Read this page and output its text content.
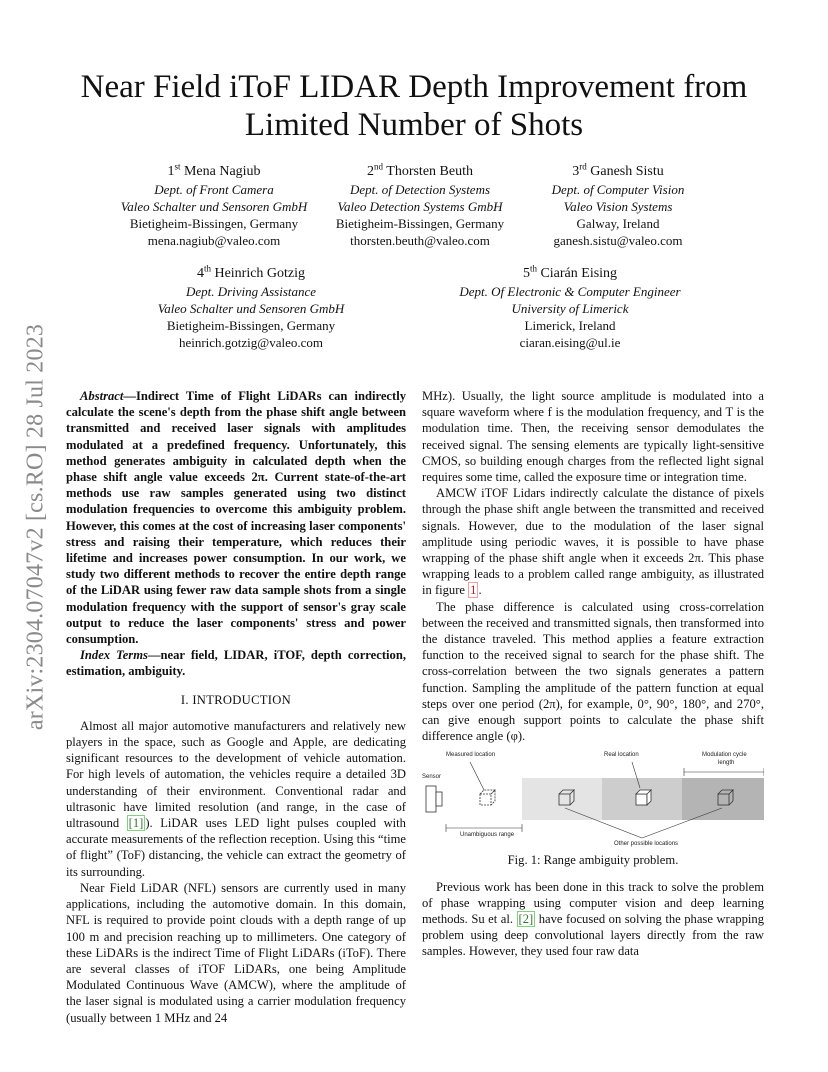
arXiv:2304.07047v2 [cs.RO] 28 Jul 2023
Near Field iToF LIDAR Depth Improvement from Limited Number of Shots
1st Mena Nagiub
Dept. of Front Camera
Valeo Schalter und Sensoren GmbH
Bietigheim-Bissingen, Germany
mena.nagiub@valeo.com
2nd Thorsten Beuth
Dept. of Detection Systems
Valeo Detection Systems GmbH
Bietigheim-Bissingen, Germany
thorsten.beuth@valeo.com
3rd Ganesh Sistu
Dept. of Computer Vision
Valeo Vision Systems
Galway, Ireland
ganesh.sistu@valeo.com
4th Heinrich Gotzig
Dept. Driving Assistance
Valeo Schalter und Sensoren GmbH
Bietigheim-Bissingen, Germany
heinrich.gotzig@valeo.com
5th Ciarán Eising
Dept. Of Electronic & Computer Engineer
University of Limerick
Limerick, Ireland
ciaran.eising@ul.ie

Abstract—Indirect Time of Flight LiDARs can indirectly calculate the scene's depth from the phase shift angle between transmitted and received laser signals with amplitudes modulated at a predefined frequency. Unfortunately, this method generates ambiguity in calculated depth when the phase shift angle value exceeds 2π. Current state-of-the-art methods use raw samples generated using two distinct modulation frequencies to overcome this ambiguity problem. However, this comes at the cost of increasing laser components' stress and raising their temperature, which reduces their lifetime and increases power consumption. In our work, we study two different methods to recover the entire depth range of the LiDAR using fewer raw data sample shots from a single modulation frequency with the support of sensor's gray scale output to reduce the laser components' stress and power consumption.

Index Terms—near field, LIDAR, iTOF, depth correction, estimation, ambiguity.

I. INTRODUCTION

Almost all major automotive manufacturers and relatively new players in the space, such as Google and Apple, are dedicating significant resources to the development of vehicle automation. For high levels of automation, the vehicles require a detailed 3D understanding of their environment. Conventional radar and ultrasonic have limited resolution (and range, in the case of ultrasound [1] ). LiDAR uses LED light pulses coupled with accurate measurements of the reflection reception. Using this “time of flight” (ToF) distancing, the vehicle can extract the geometry of its surrounding.

Near Field LiDAR (NFL) sensors are currently used in many applications, including the automotive domain. In this domain, NFL is required to provide point clouds with a depth range of up 100 m and precision reaching up to millimeters. One category of these LiDARs is the indirect Time of Flight LiDARs (iToF). There are several classes of iTOF LiDARs, one being Amplitude Modulated Continuous Wave (AMCW), where the amplitude of the laser signal is modulated using a carrier modulation frequency (usually between 1 MHz and 24

MHz). Usually, the light source amplitude is modulated into a square waveform where f is the modulation frequency, and T is the modulation time. Then, the receiving sensor demodulates the received signal. The sensing elements are typically light-sensitive CMOS, so building enough charges from the reflected light signal requires some time, called the exposure time or integration time.

AMCW iTOF Lidars indirectly calculate the distance of pixels through the phase shift angle between the transmitted and received signals. However, due to the modulation of the laser signal amplitude using periodic waves, it is possible to have phase wrapping of the phase shift angle when it exceeds 2π. This phase wrapping leads to a problem called range ambiguity, as illustrated in figure 1 .

The phase difference is calculated using cross-correlation between the received and transmitted signals, then transformed into the distance traveled. This method applies a feature extraction function to the received signal to search for the phase shift. The cross-correlation between the two signals generates a pattern function. Sampling the amplitude of the pattern function at equal steps over one period (2π), for example, 0°, 90°, 180°, and 270°, can give enough support points to calculate the phase shift difference angle (φ).

Measured location	Real location	Modulation cycle
length
Sensor
Unambiguous range
Other possible locations
Fig. 1: Range ambiguity problem.

Previous work has been done in this track to solve the problem of phase wrapping using computer vision and deep learning methods. Su et al. [2] have focused on solving the phase wrapping problem using deep convolutional layers directly from the raw samples. However, they used four raw data
